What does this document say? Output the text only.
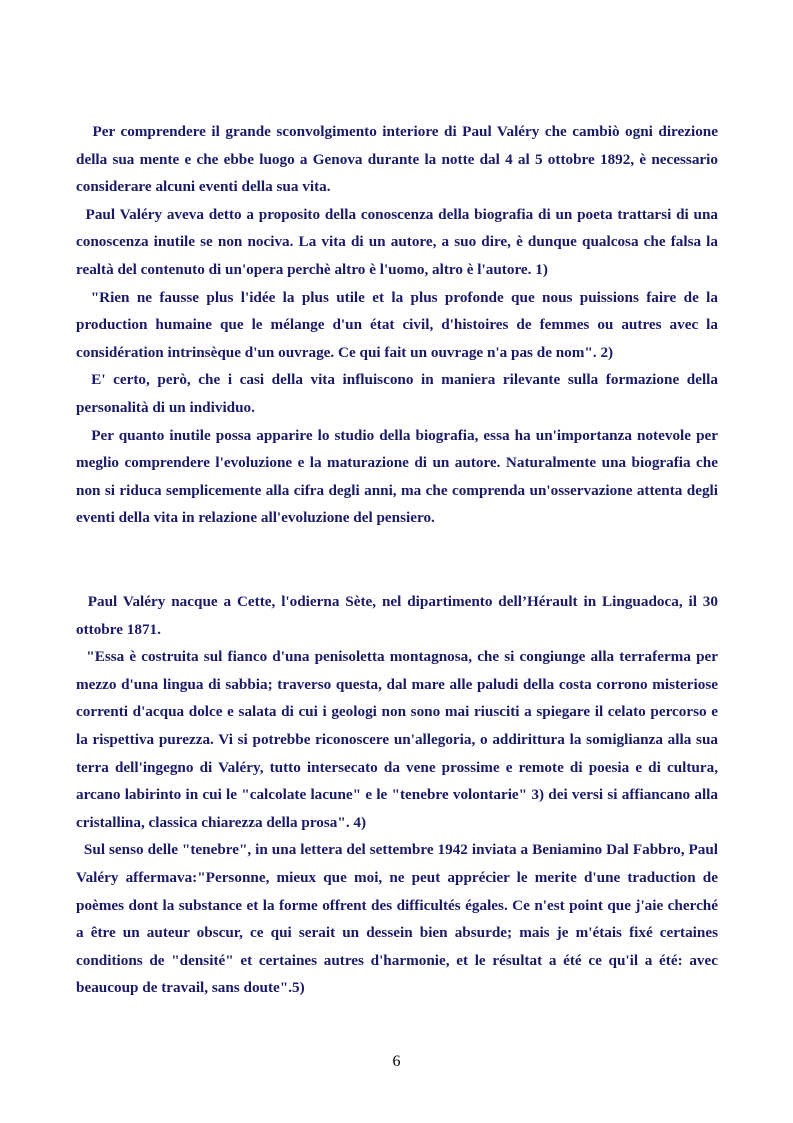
Per comprendere il grande sconvolgimento interiore di Paul Valéry che cambiò ogni direzione della sua mente e che ebbe luogo a Genova durante la notte dal 4 al 5 ottobre 1892, è necessario considerare alcuni eventi della sua vita.

Paul Valéry aveva detto a proposito della conoscenza della biografia di un poeta trattarsi di una conoscenza inutile se non nociva. La vita di un autore, a suo dire, è dunque qualcosa che falsa la realtà del contenuto di un'opera perchè altro è l'uomo, altro è l'autore. 1)

"Rien ne fausse plus l'idée la plus utile et la plus profonde que nous puissions faire de la production humaine que le mélange d'un état civil, d'histoires de femmes ou autres avec la considération intrinsèque d'un ouvrage. Ce qui fait un ouvrage n'a pas de nom". 2)

E' certo, però, che i casi della vita influiscono in maniera rilevante sulla formazione della personalità di un individuo.

Per quanto inutile possa apparire lo studio della biografia, essa ha un'importanza notevole per meglio comprendere l'evoluzione e la maturazione di un autore. Naturalmente una biografia che non si riduca semplicemente alla cifra degli anni, ma che comprenda un'osservazione attenta degli eventi della vita in relazione all'evoluzione del pensiero.

Paul Valéry nacque a Cette, l'odierna Sète, nel dipartimento dell’Hérault in Linguadoca, il 30 ottobre 1871.

"Essa è costruita sul fianco d'una penisoletta montagnosa, che si congiunge alla terraferma per mezzo d'una lingua di sabbia; traverso questa, dal mare alle paludi della costa corrono misteriose correnti d'acqua dolce e salata di cui i geologi non sono mai riusciti a spiegare il celato percorso e la rispettiva purezza. Vi si potrebbe riconoscere un'allegoria, o addirittura la somiglianza alla sua terra dell'ingegno di Valéry, tutto intersecato da vene prossime e remote di poesia e di cultura, arcano labirinto in cui le "calcolate lacune" e le "tenebre volontarie" 3) dei versi si affiancano alla cristallina, classica chiarezza della prosa". 4)

Sul senso delle "tenebre", in una lettera del settembre 1942 inviata a Beniamino Dal Fabbro, Paul Valéry affermava:"Personne, mieux que moi, ne peut apprécier le merite d'une traduction de poèmes dont la substance et la forme offrent des difficultés égales. Ce n'est point que j'aie cherché a être un auteur obscur, ce qui serait un dessein bien absurde; mais je m'étais fixé certaines conditions de "densité" et certaines autres d'harmonie, et le résultat a été ce qu'il a été: avec beaucoup de travail, sans doute".5)

6
